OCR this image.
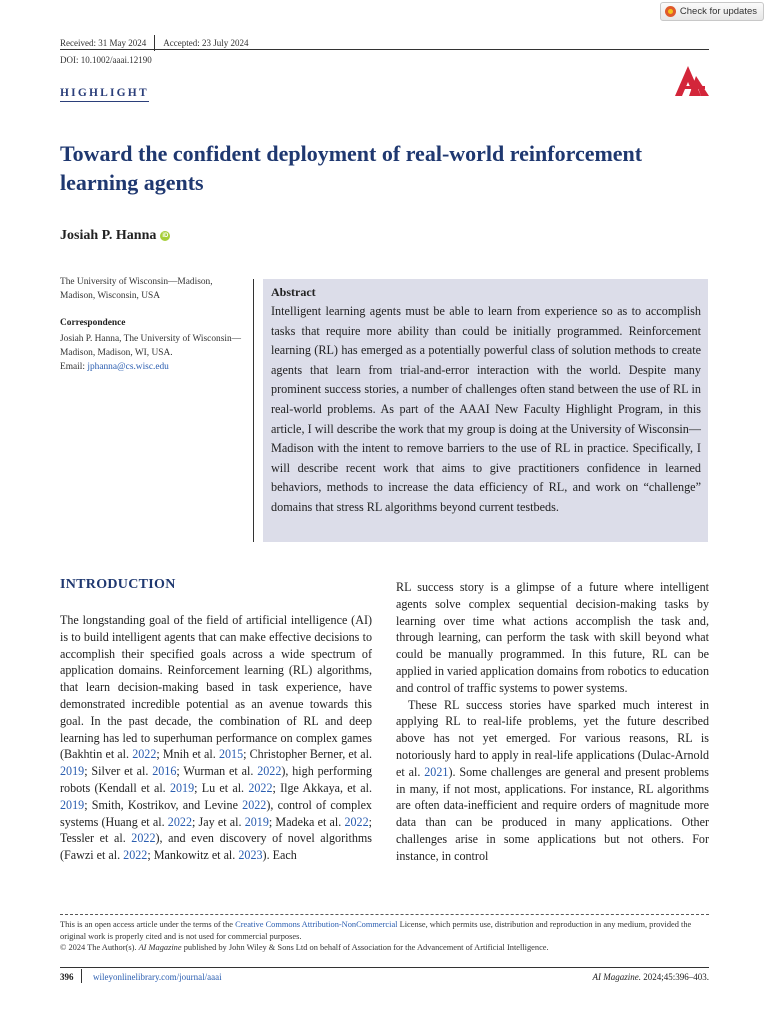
Check for updates
Received: 31 May 2024 Accepted: 23 July 2024
DOI: 10.1002/aaai.12190
HIGHLIGHT
Toward the confident deployment of real-world reinforcement learning agents
Josiah P. Hanna	iD
The University of Wisconsin—Madison, Madison, Wisconsin, USA
Correspondence
Josiah P. Hanna, The University of Wisconsin—Madison, Madison, WI, USA.
Email: jphanna@cs.wisc.edu
Abstract
Intelligent learning agents must be able to learn from experience so as to accomplish tasks that require more ability than could be initially programmed. Reinforcement learning (RL) has emerged as a potentially powerful class of solution methods to create agents that learn from trial-and-error interaction with the world. Despite many prominent success stories, a number of challenges often stand between the use of RL in real-world problems. As part of the AAAI New Faculty Highlight Program, in this article, I will describe the work that my group is doing at the University of Wisconsin—Madison with the intent to remove barriers to the use of RL in practice. Specifically, I will describe recent work that aims to give practitioners confidence in learned behaviors, methods to increase the data efficiency of RL, and work on “challenge” domains that stress RL algorithms beyond current testbeds.
INTRODUCTION
The longstanding goal of the field of artificial intelligence (AI) is to build intelligent agents that can make effective decisions to accomplish their specified goals across a wide spectrum of application domains. Reinforcement learning (RL) algorithms, that learn decision-making based in task experience, have demonstrated incredible potential as an avenue towards this goal. In the past decade, the combination of RL and deep learning has led to superhuman performance on complex games (Bakhtin et al. 2022; Mnih et al. 2015; Christopher Berner, et al. 2019; Silver et al. 2016; Wurman et al. 2022), high performing robots (Kendall et al. 2019; Lu et al. 2022; Ilge Akkaya, et al. 2019; Smith, Kostrikov, and Levine 2022), control of complex systems (Huang et al. 2022; Jay et al. 2019; Madeka et al. 2022; Tessler et al. 2022), and even discovery of novel algorithms (Fawzi et al. 2022; Mankowitz et al. 2023). Each
RL success story is a glimpse of a future where intelligent agents solve complex sequential decision-making tasks by learning over time what actions accomplish the task and, through learning, can perform the task with skill beyond what could be manually programmed. In this future, RL can be applied in varied application domains from robotics to education and control of traffic systems to power systems.
These RL success stories have sparked much interest in applying RL to real-life problems, yet the future described above has not yet emerged. For various reasons, RL is notoriously hard to apply in real-life applications (Dulac-Arnold et al. 2021). Some challenges are general and present problems in many, if not most, applications. For instance, RL algorithms are often data-inefficient and require orders of magnitude more data than can be produced in many applications. Other challenges arise in some applications but not others. For instance, in control
This is an open access article under the terms of the Creative Commons Attribution-NonCommercial License, which permits use, distribution and reproduction in any medium, provided the original work is properly cited and is not used for commercial purposes.
© 2024 The Author(s). AI Magazine published by John Wiley & Sons Ltd on behalf of Association for the Advancement of Artificial Intelligence.
396 wileyonlinelibrary.com/journal/aaai	AI Magazine. 2024;45:396–403.
